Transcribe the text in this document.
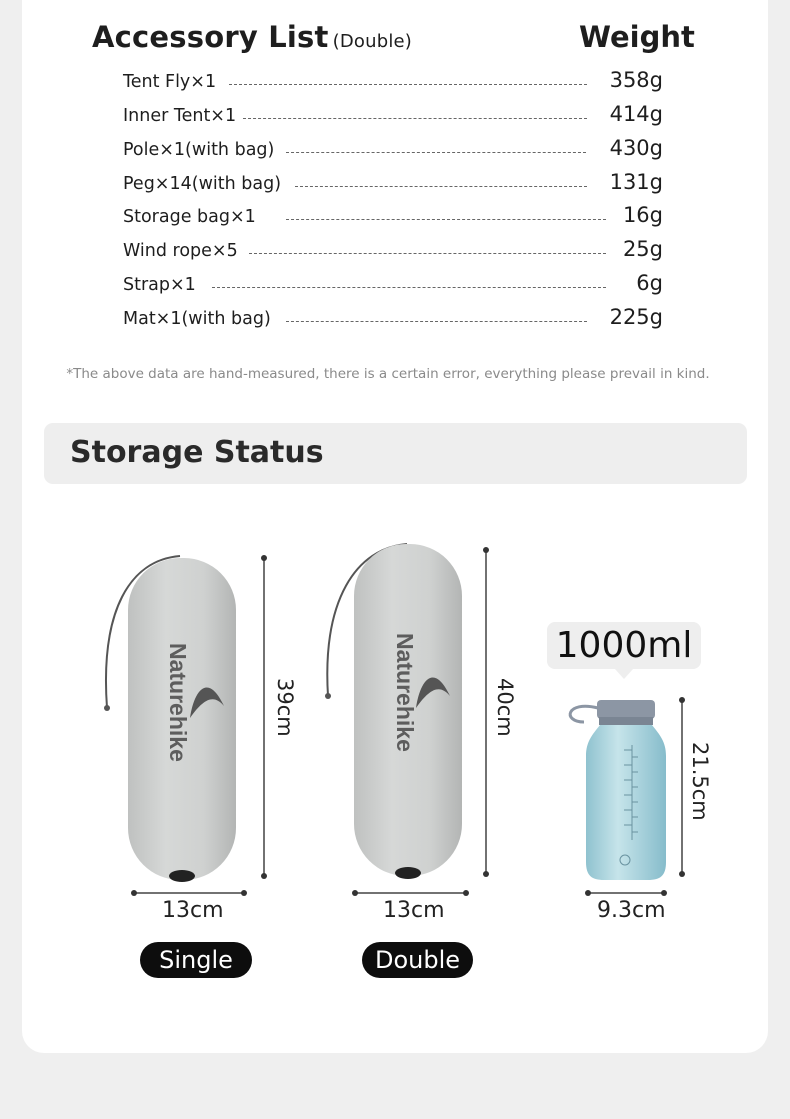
Accessory List (Double)	Weight
Tent Fly×1	358g
Inner Tent×1	414g
Pole×1(with bag)	430g
Peg×14(with bag)	131g
Storage bag×1	16g
Wind rope×5	25g
Strap×1	6g
Mat×1(with bag)	225g
*The above data are hand-measured, there is a certain error, everything please prevail in kind.
Storage Status
Naturehike	Naturehike
39cm	40cm
21.5cm
13cm	13cm	9.3cm
Single	Double
1000ml
